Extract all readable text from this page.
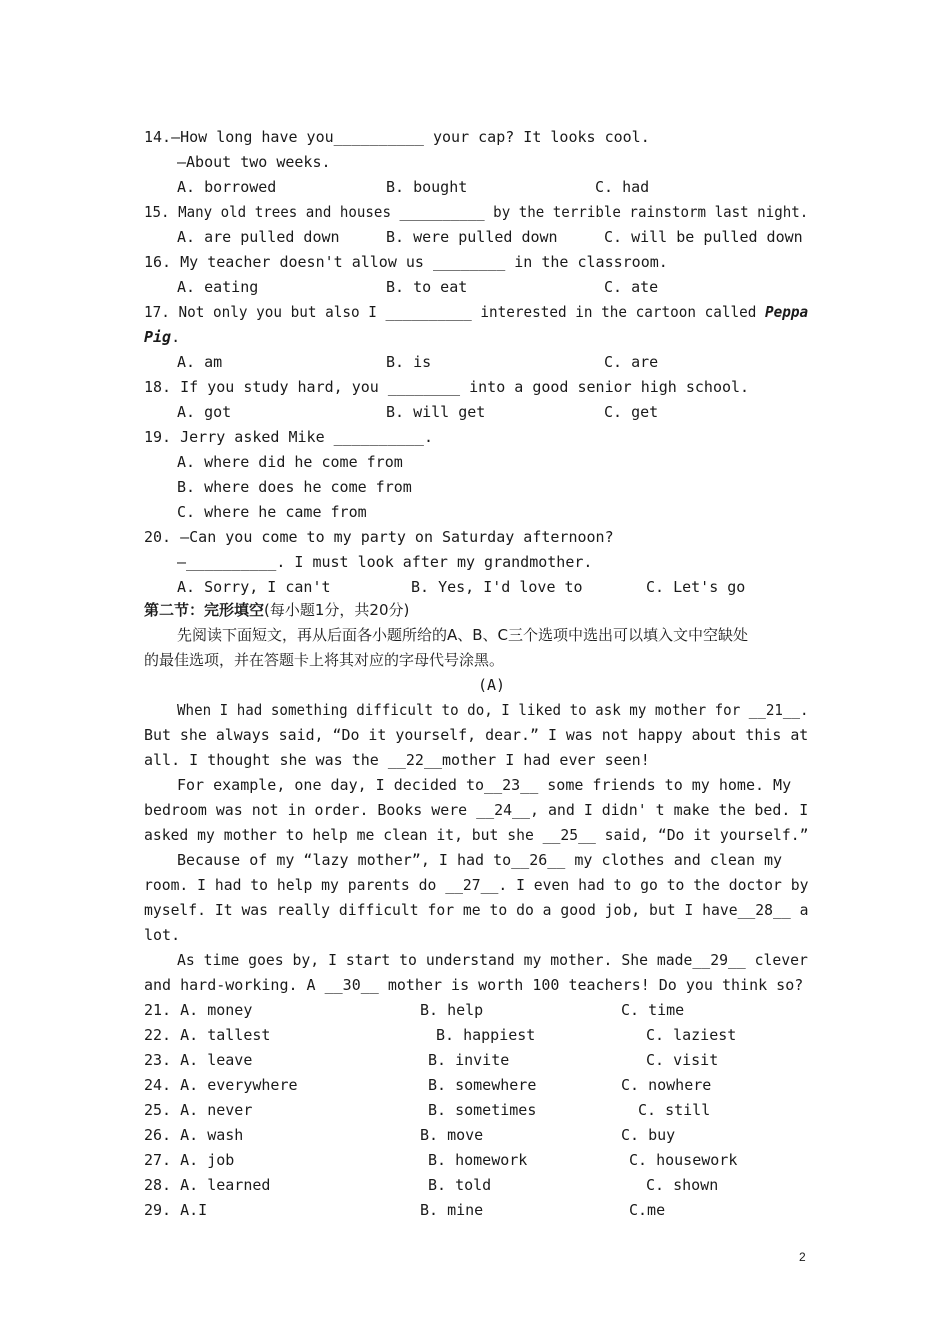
14.—How long have you__________ your cap? It looks cool.
—About two weeks.
A. borrowed	B. bought	C. had
15. Many old trees and houses __________ by the terrible rainstorm last night.
A. are pulled down	B. were pulled down	C. will be pulled down
16. My teacher doesn't allow us ________ in the classroom.
A. eating	B. to eat	C. ate
17. Not only you but also I __________ interested in the cartoon called Peppa
Pig.
A. am	B. is	C. are
18. If you study hard, you ________ into a good senior high school.
A. got	B. will get	C. get
19. Jerry asked Mike __________.
A. where did he come from
B. where does he come from
C. where he came from
20. —Can you come to my party on Saturday afternoon?
—__________. I must look after my grandmother.
A. Sorry, I can't	B. Yes, I'd love to	C. Let's go
第二节：完形填空(每小题1分，共20分)
先阅读下面短文，再从后面各小题所给的A、B、C三个选项中选出可以填入文中空缺处
的最佳选项，并在答题卡上将其对应的字母代号涂黑。
(A)
When I had something difficult to do, I liked to ask my mother for __21__.
But she always said, “Do it yourself, dear.” I was not happy about this at
all. I thought she was the __22__mother I had ever seen!
For example, one day, I decided to__23__ some friends to my home. My
bedroom was not in order. Books were __24__, and I didn' t make the bed. I
asked my mother to help me clean it, but she __25__ said, “Do it yourself.”
Because of my “lazy mother”, I had to__26__ my clothes and clean my
room. I had to help my parents do __27__. I even had to go to the doctor by
myself. It was really difficult for me to do a good job, but I have__28__ a
lot.
As time goes by, I start to understand my mother. She made__29__ clever
and hard-working. A __30__ mother is worth 100 teachers! Do you think so?
21. A. money	B. help	C. time
22. A. tallest	B. happiest	C. laziest
23. A. leave	B. invite	C. visit
24. A. everywhere	B. somewhere	C. nowhere
25. A. never	B. sometimes	C. still
26. A. wash	B. move	C. buy
27. A. job	B. homework	C. housework
28. A. learned	B. told	C. shown
29. A.I	B. mine	C.me
2
